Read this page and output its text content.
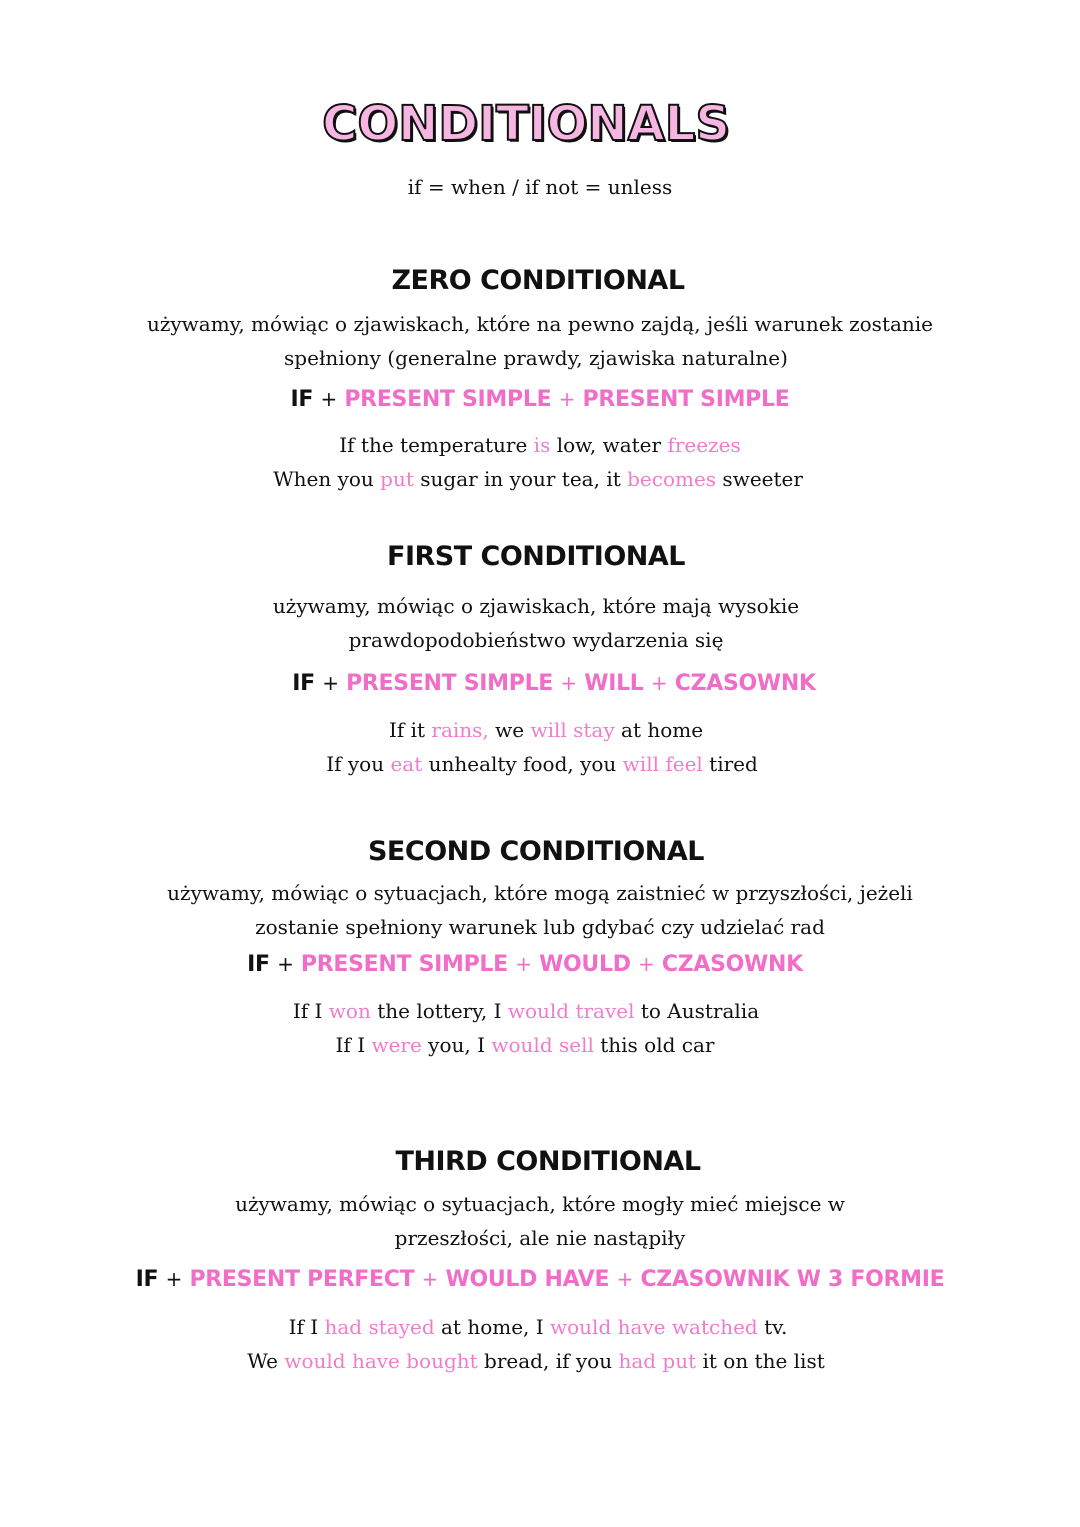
CONDITIONALS
if = when / if not = unless
ZERO CONDITIONAL
używamy, mówiąc o zjawiskach, które na pewno zajdą, jeśli warunek zostanie
spełniony (generalne prawdy, zjawiska naturalne)
IF + PRESENT SIMPLE + PRESENT SIMPLE
If the temperature is low, water freezes
When you put sugar in your tea, it becomes sweeter
FIRST CONDITIONAL
używamy, mówiąc o zjawiskach, które mają wysokie
prawdopodobieństwo wydarzenia się
IF + PRESENT SIMPLE + WILL + CZASOWNK
If it rains, we will stay at home
If you eat unhealty food, you will feel tired
SECOND CONDITIONAL
używamy, mówiąc o sytuacjach, które mogą zaistnieć w przyszłości, jeżeli
zostanie spełniony warunek lub gdybać czy udzielać rad
IF + PRESENT SIMPLE + WOULD + CZASOWNK
If I won the lottery, I would travel to Australia
If I were you, I would sell this old car
THIRD CONDITIONAL
używamy, mówiąc o sytuacjach, które mogły mieć miejsce w
przeszłości, ale nie nastąpiły
IF + PRESENT PERFECT + WOULD HAVE + CZASOWNIK W 3 FORMIE
If I had stayed at home, I would have watched tv.
We would have bought bread, if you had put it on the list
